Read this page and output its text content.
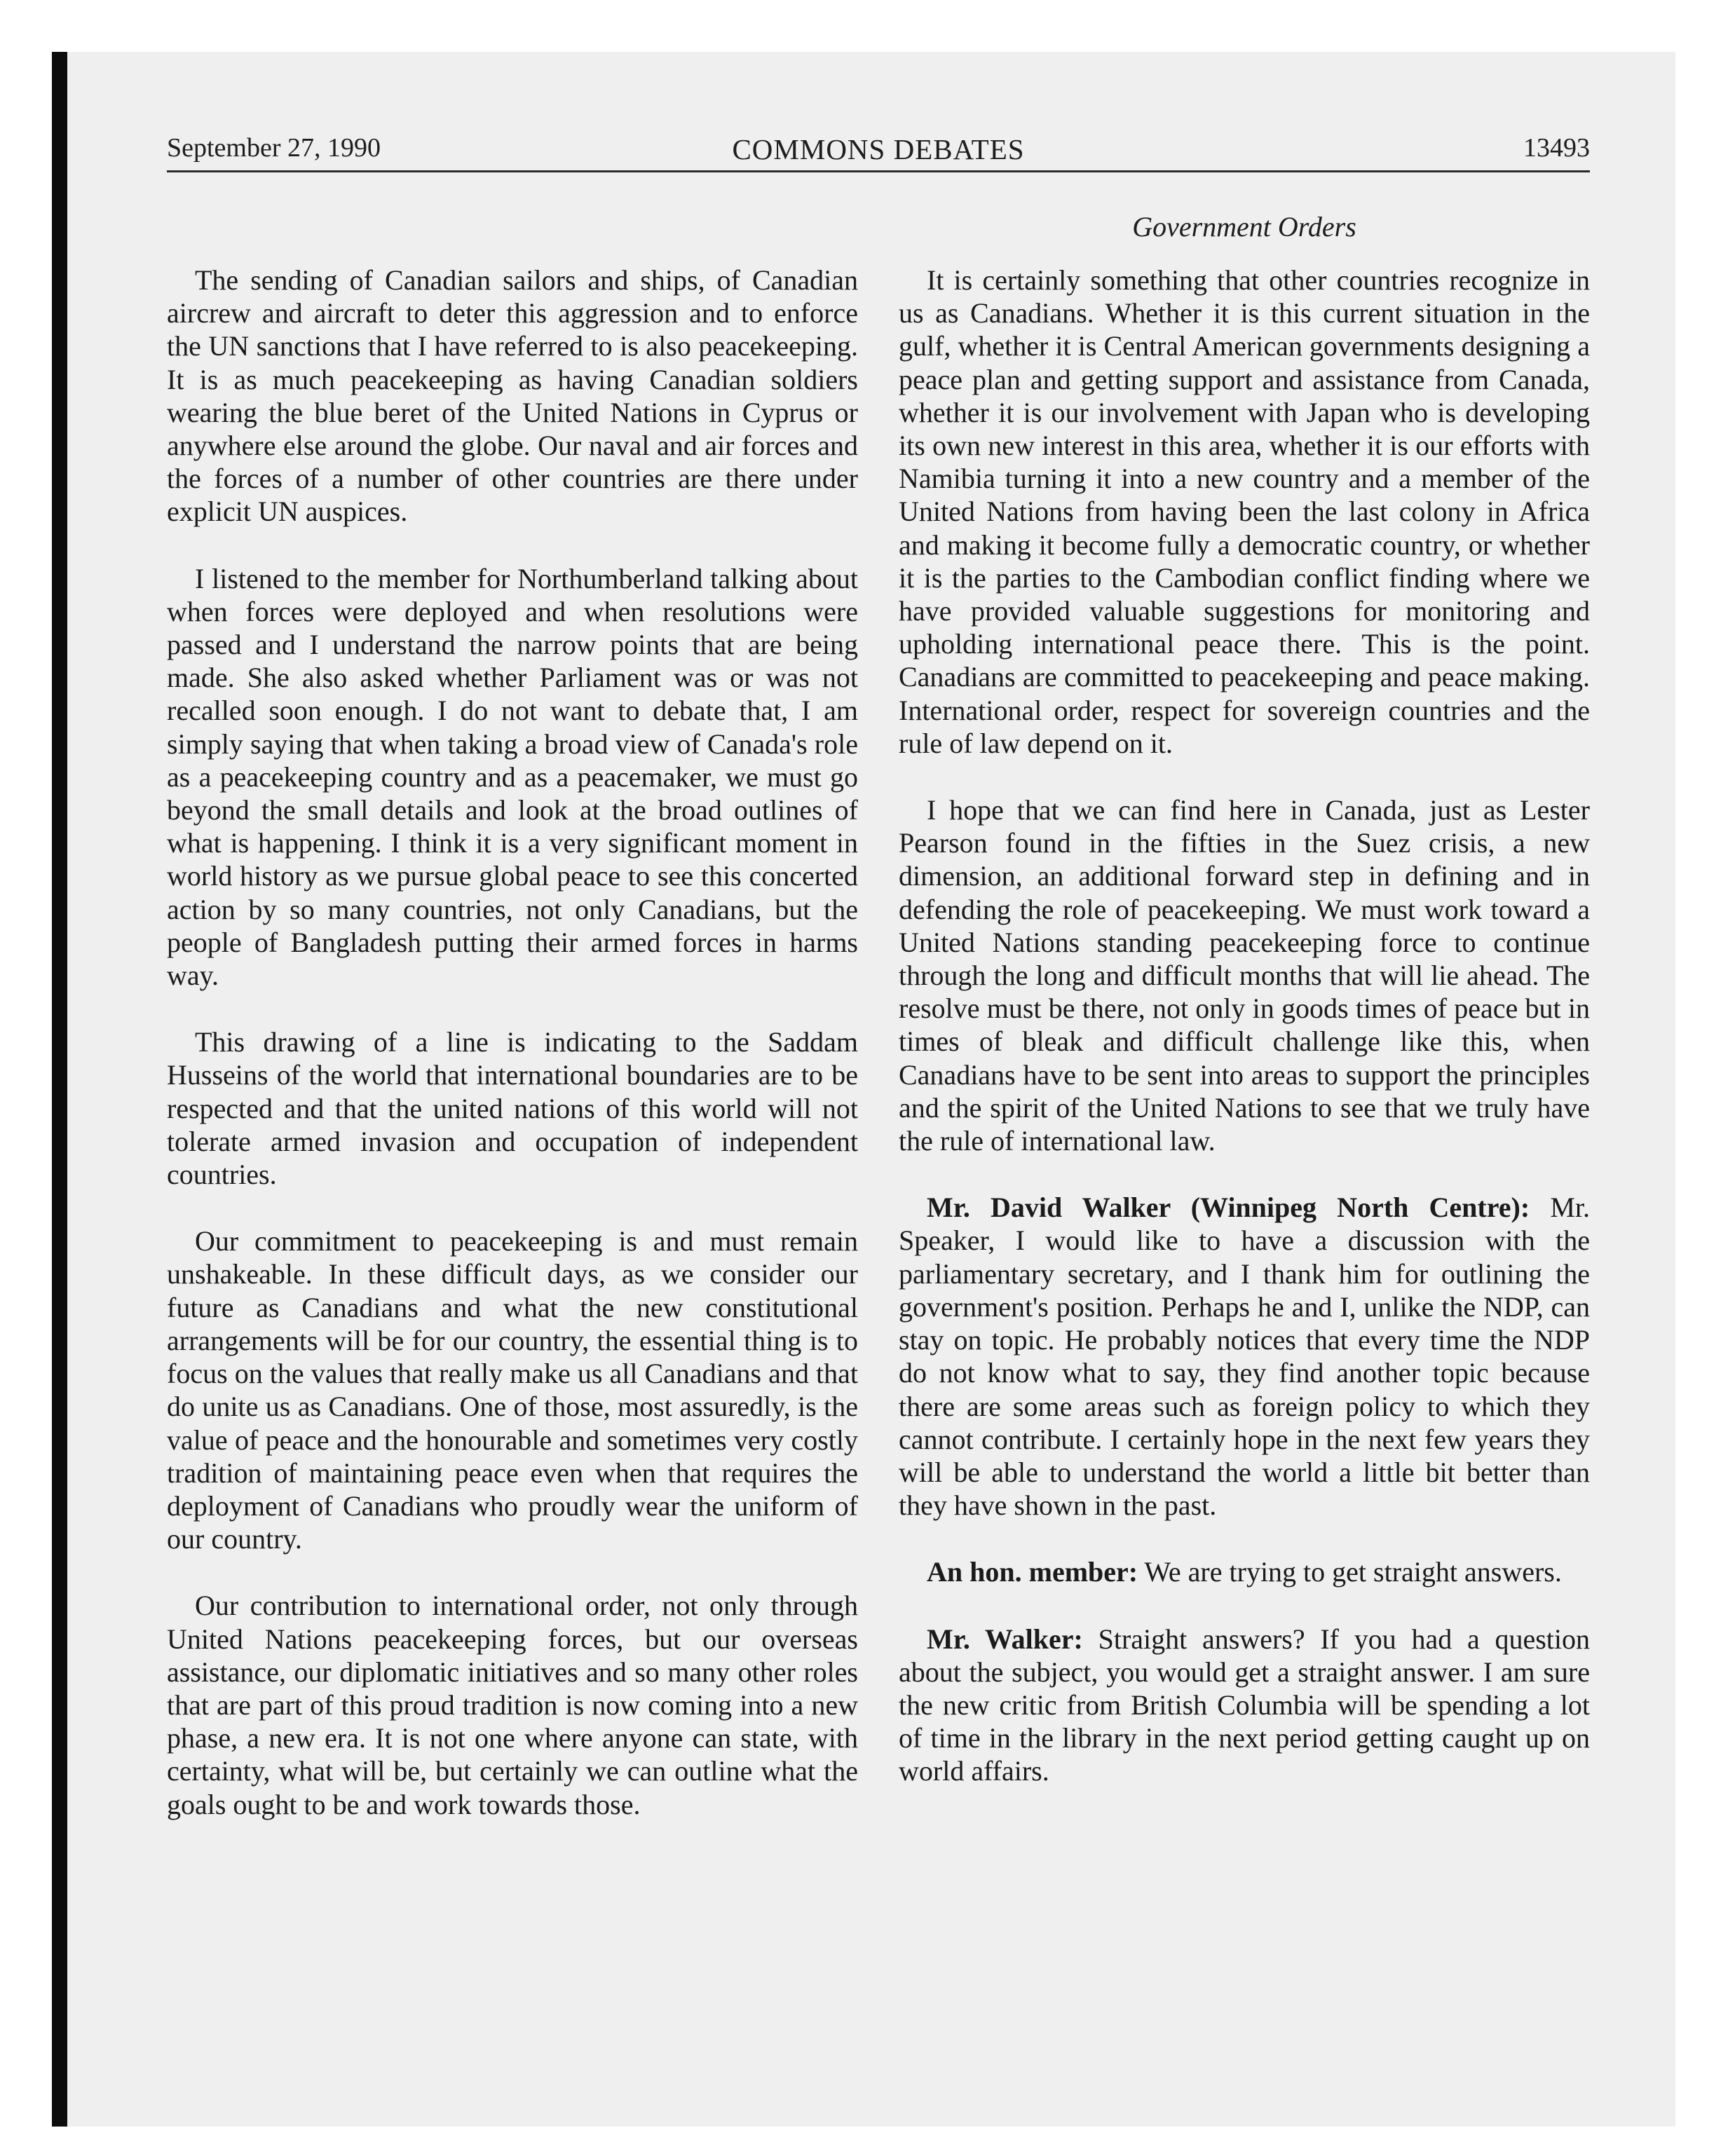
September 27, 1990	COMMONS DEBATES	13493
Government Orders

The sending of Canadian sailors and ships, of Canadian aircrew and aircraft to deter this aggression and to enforce the UN sanctions that I have referred to is also peacekeeping. It is as much peacekeeping as having Canadian soldiers wearing the blue beret of the United Nations in Cyprus or anywhere else around the globe. Our naval and air forces and the forces of a number of other countries are there under explicit UN auspices.

I listened to the member for Northumberland talking about when forces were deployed and when resolutions were passed and I understand the narrow points that are being made. She also asked whether Parliament was or was not recalled soon enough. I do not want to debate that, I am simply saying that when taking a broad view of Canada's role as a peacekeeping country and as a peacemaker, we must go beyond the small details and look at the broad outlines of what is happening. I think it is a very significant moment in world history as we pursue global peace to see this concerted action by so many countries, not only Canadians, but the people of Bangladesh putting their armed forces in harms way.

This drawing of a line is indicating to the Saddam Husseins of the world that international boundaries are to be respected and that the united nations of this world will not tolerate armed invasion and occupation of independent countries.

Our commitment to peacekeeping is and must remain unshakeable. In these difficult days, as we consider our future as Canadians and what the new constitutional arrangements will be for our country, the essential thing is to focus on the values that really make us all Canadians and that do unite us as Canadians. One of those, most assuredly, is the value of peace and the honourable and sometimes very costly tradition of maintaining peace even when that requires the deployment of Canadians who proudly wear the uniform of our country.

Our contribution to international order, not only through United Nations peacekeeping forces, but our overseas assistance, our diplomatic initiatives and so many other roles that are part of this proud tradition is now coming into a new phase, a new era. It is not one where anyone can state, with certainty, what will be, but certainly we can outline what the goals ought to be and work towards those.

It is certainly something that other countries recognize in us as Canadians. Whether it is this current situation in the gulf, whether it is Central American governments designing a peace plan and getting support and assistance from Canada, whether it is our involvement with Japan who is developing its own new interest in this area, whether it is our efforts with Namibia turning it into a new country and a member of the United Nations from having been the last colony in Africa and making it become fully a democratic country, or whether it is the parties to the Cambodian conflict finding where we have provided valuable suggestions for monitoring and upholding international peace there. This is the point. Canadians are committed to peacekeeping and peace making. International order, respect for sovereign countries and the rule of law depend on it.

I hope that we can find here in Canada, just as Lester Pearson found in the fifties in the Suez crisis, a new dimension, an additional forward step in defining and in defending the role of peacekeeping. We must work toward a United Nations standing peacekeeping force to continue through the long and difficult months that will lie ahead. The resolve must be there, not only in goods times of peace but in times of bleak and difficult challenge like this, when Canadians have to be sent into areas to support the principles and the spirit of the United Nations to see that we truly have the rule of international law.

Mr. David Walker (Winnipeg North Centre): Mr. Speaker, I would like to have a discussion with the parliamentary secretary, and I thank him for outlining the government's position. Perhaps he and I, unlike the NDP, can stay on topic. He probably notices that every time the NDP do not know what to say, they find another topic because there are some areas such as foreign policy to which they cannot contribute. I certainly hope in the next few years they will be able to understand the world a little bit better than they have shown in the past.

An hon. member: We are trying to get straight answers.

Mr. Walker: Straight answers? If you had a question about the subject, you would get a straight answer. I am sure the new critic from British Columbia will be spending a lot of time in the library in the next period getting caught up on world affairs.
